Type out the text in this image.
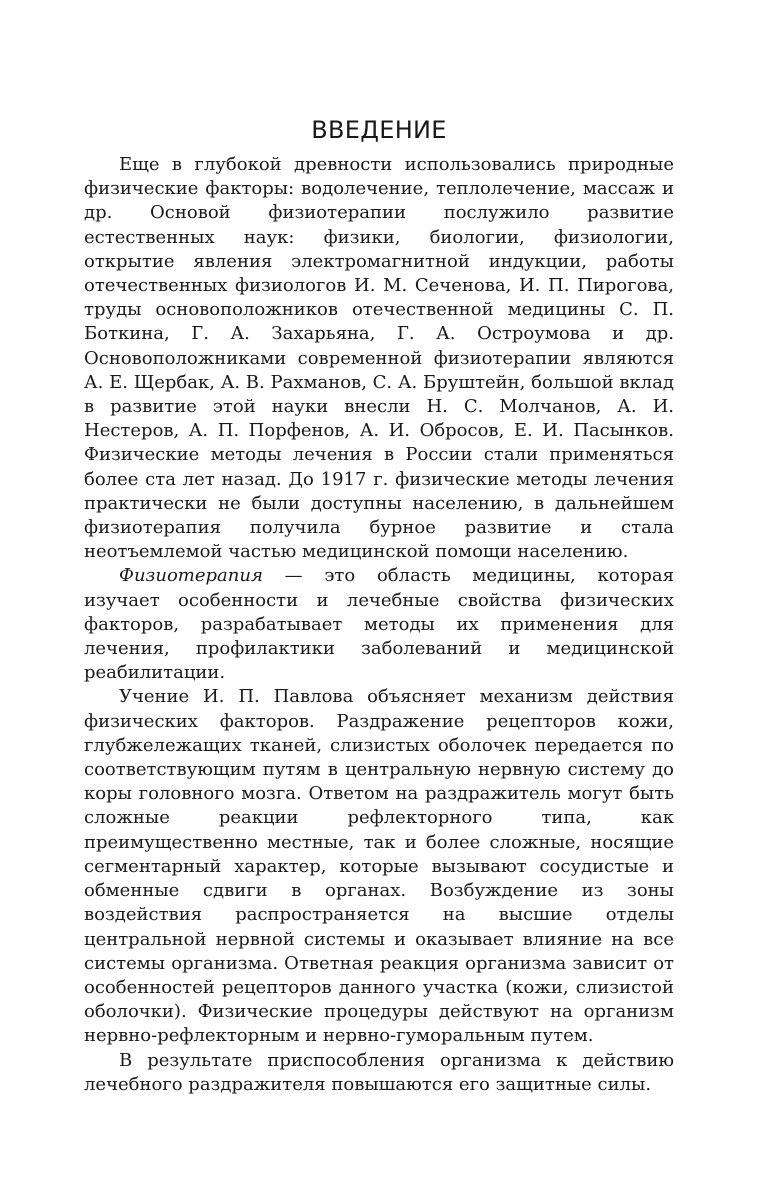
ВВЕДЕНИЕ

Еще в глубокой древности использовались природные физические факторы: водолечение, теплолечение, массаж и др. Основой физиотерапии послужило развитие естественных наук: физики, биологии, физиологии, открытие явления электромагнитной индукции, работы отечественных физиологов И. М. Сеченова, И. П. Пирогова, труды основоположников отечественной медицины С. П. Боткина, Г. А. Захарьяна, Г. А. Остроумова и др. Основоположниками современной физиотерапии являются А. Е. Щербак, А. В. Рахманов, С. А. Бруштейн, большой вклад в развитие этой науки внесли Н. С. Молчанов, А. И. Нестеров, А. П. Порфенов, А. И. Обросов, Е. И. Пасынков. Физические методы лечения в России стали применяться более ста лет назад. До 1917 г. физические методы лечения практически не были доступны населению, в дальнейшем физиотерапия получила бурное развитие и стала неотъемлемой частью медицинской помощи населению.

Физиотерапия — это область медицины, которая изучает особенности и лечебные свойства физических факторов, разрабатывает методы их применения для лечения, профилактики заболеваний и медицинской реабилитации.

Учение И. П. Павлова объясняет механизм действия физических факторов. Раздражение рецепторов кожи, глубжележащих тканей, слизистых оболочек передается по соответствующим путям в центральную нервную систему до коры головного мозга. Ответом на раздражитель могут быть сложные реакции рефлекторного типа, как преимущественно местные, так и более сложные, носящие сегментарный характер, которые вызывают сосудистые и обменные сдвиги в органах. Возбуждение из зоны воздействия распространяется на высшие отделы центральной нервной системы и оказывает влияние на все системы организма. Ответная реакция организма зависит от особенностей рецепторов данного участка (кожи, слизистой оболочки). Физические процедуры действуют на организм нервно-рефлекторным и нервно-гуморальным путем.

В результате приспособления организма к действию лечебного раздражителя повышаются его защитные силы.
